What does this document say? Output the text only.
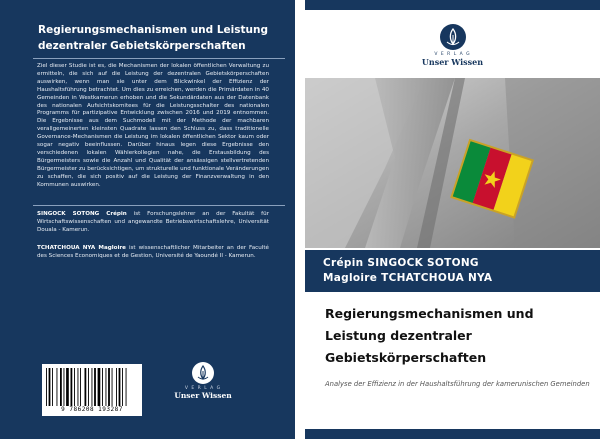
Regierungsmechanismen und Leistung dezentraler Gebietskörperschaften
Ziel dieser Studie ist es, die Mechanismen der lokalen öffentlichen Verwaltung zu ermitteln, die sich auf die Leistung der dezentralen Gebietskörperschaften auswirken, wenn man sie unter dem Blickwinkel der Effizienz der Haushaltsführung betrachtet. Um dies zu erreichen, werden die Primärdaten in 40 Gemeinden in Westkamerun erhoben und die Sekundärdaten aus der Datenbank des nationalen Aufsichtskomitees für die Leistungsschalter des nationalen Programms für partizipative Entwicklung zwischen 2016 und 2019 entnommen. Die Ergebnisse aus dem Suchmodell mit der Methode der machbaren verallgemeinerten kleinsten Quadrate lassen den Schluss zu, dass traditionelle Governance-Mechanismen die Leistung im lokalen öffentlichen Sektor kaum oder sogar negativ beeinflussen. Darüber hinaus legen diese Ergebnisse den verschiedenen lokalen Wählerkollegien nahe, die Erstausbildung des Bürgermeisters sowie die Anzahl und Qualität der ansässigen stellvertretenden Bürgermeister zu berücksichtigen, um strukturelle und funktionale Veränderungen zu schaffen, die sich positiv auf die Leistung der Finanzverwaltung in den Kommunen auswirken.
SINGOCK SOTONG Crépin ist Forschungslehrer an der Fakultät für Wirtschaftswissenschaften und angewandte Betriebswirtschaftslehre, Universität Douala - Kamerun.
TCHATCHOUA NYA Magloire ist wissenschaftlicher Mitarbeiter an der Faculté des Sciences Economiques et de Gestion, Université de Yaoundé II - Kamerun.
9 786208 193287
V E R L A G
Unser Wissen
V E R L A G
Unser Wissen
Crépin SINGOCK SOTONG
Magloire TCHATCHOUA NYA
Regierungsmechanismen und Leistung dezentraler Gebietskörperschaften
Analyse der Effizienz in der Haushaltsführung der kamerunischen Gemeinden
